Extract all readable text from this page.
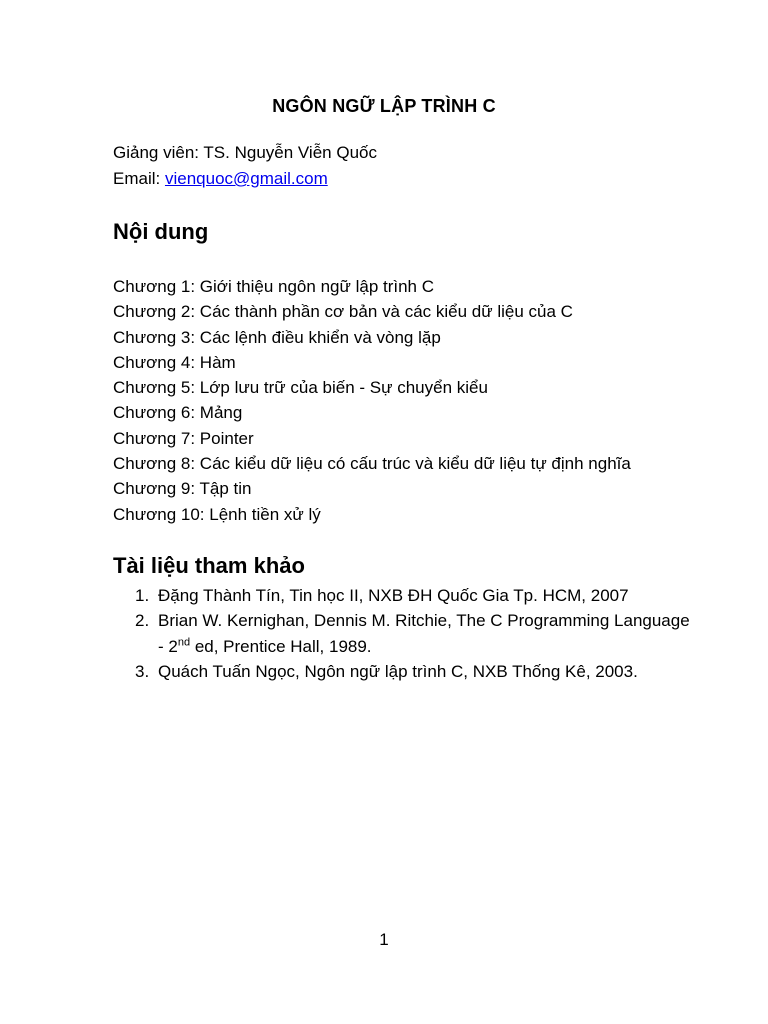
NGÔN NGỮ LẬP TRÌNH C
Giảng viên: TS. Nguyễn Viễn Quốc
Email: vienquoc@gmail.com
Nội dung
Chương 1: Giới thiệu ngôn ngữ lập trình C
Chương 2: Các thành phần cơ bản và các kiểu dữ liệu của C
Chương 3: Các lệnh điều khiển và vòng lặp
Chương 4: Hàm
Chương 5: Lớp lưu trữ của biến - Sự chuyển kiểu
Chương 6: Mảng
Chương 7: Pointer
Chương 8: Các kiểu dữ liệu có cấu trúc và kiểu dữ liệu tự định nghĩa
Chương 9: Tập tin
Chương 10: Lệnh tiền xử lý
Tài liệu tham khảo
1. Đặng Thành Tín, Tin học II, NXB ĐH Quốc Gia Tp. HCM, 2007
2. Brian W. Kernighan, Dennis M. Ritchie, The C Programming Language - 2nd ed, Prentice Hall, 1989.
3. Quách Tuấn Ngọc, Ngôn ngữ lập trình C, NXB Thống Kê, 2003.
1
